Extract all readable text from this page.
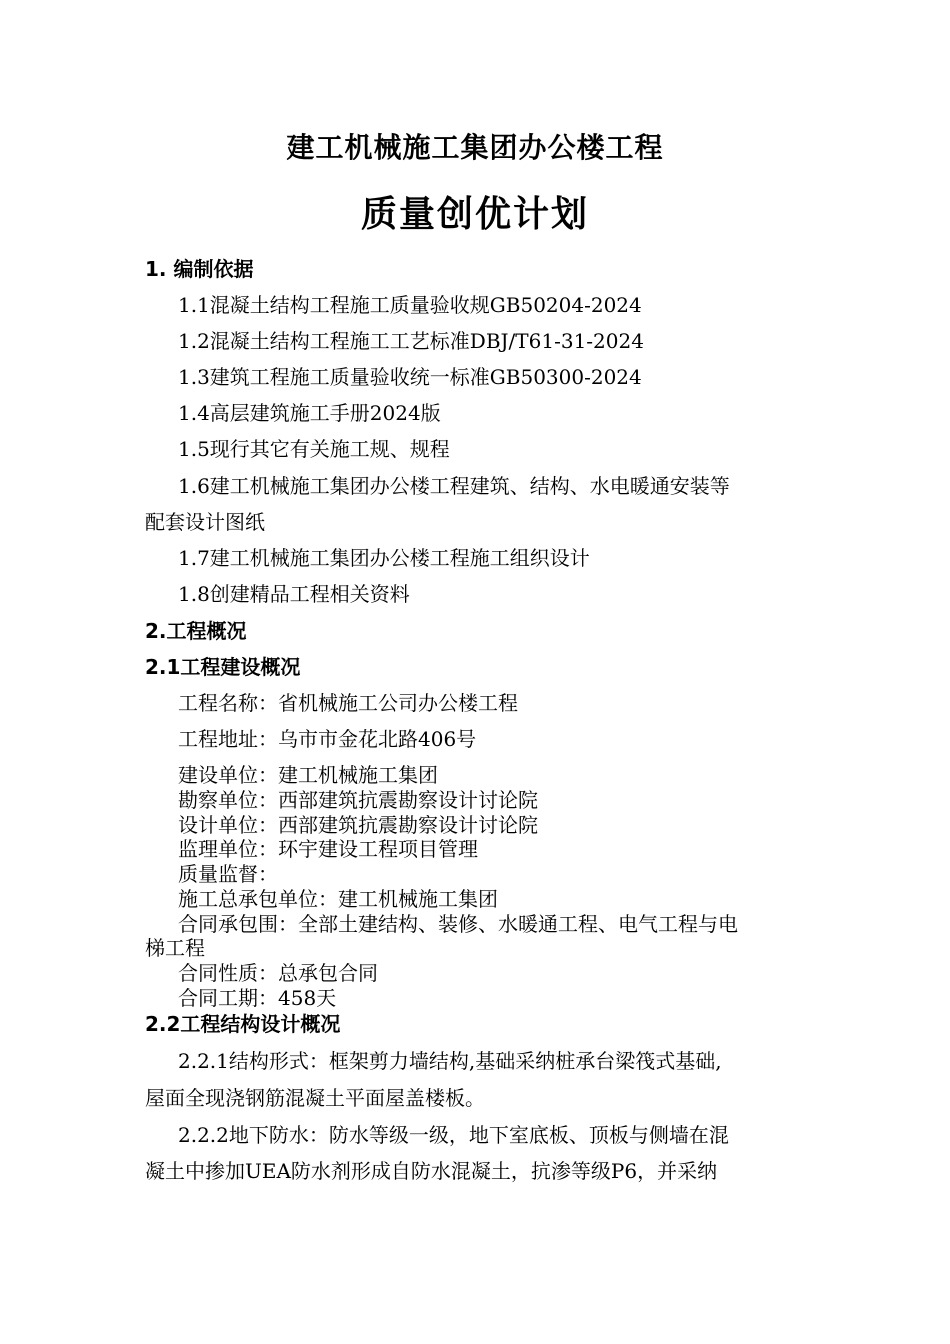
建工机械施工集团办公楼工程
质量创优计划
1. 编制依据
1.1混凝土结构工程施工质量验收规GB50204-2024
1.2混凝土结构工程施工工艺标准DBJ/T61-31-2024
1.3建筑工程施工质量验收统一标准GB50300-2024
1.4高层建筑施工手册2024版
1.5现行其它有关施工规、规程
1.6建工机械施工集团办公楼工程建筑、结构、水电暖通安装等
配套设计图纸
1.7建工机械施工集团办公楼工程施工组织设计
1.8创建精品工程相关资料
2.工程概况
2.1工程建设概况
工程名称：省机械施工公司办公楼工程
工程地址：乌市市金花北路406号
建设单位：建工机械施工集团
勘察单位：西部建筑抗震勘察设计讨论院
设计单位：西部建筑抗震勘察设计讨论院
监理单位：环宇建设工程项目管理
质量监督：
施工总承包单位：建工机械施工集团
合同承包围：全部土建结构、装修、水暖通工程、电气工程与电
梯工程
合同性质：总承包合同
合同工期：458天
2.2工程结构设计概况
2.2.1结构形式：框架剪力墙结构,基础采纳桩承台梁筏式基础,
屋面全现浇钢筋混凝土平面屋盖楼板。
2.2.2地下防水：防水等级一级，地下室底板、顶板与侧墙在混
凝土中掺加UEA防水剂形成自防水混凝土，抗渗等级P6，并采纳
